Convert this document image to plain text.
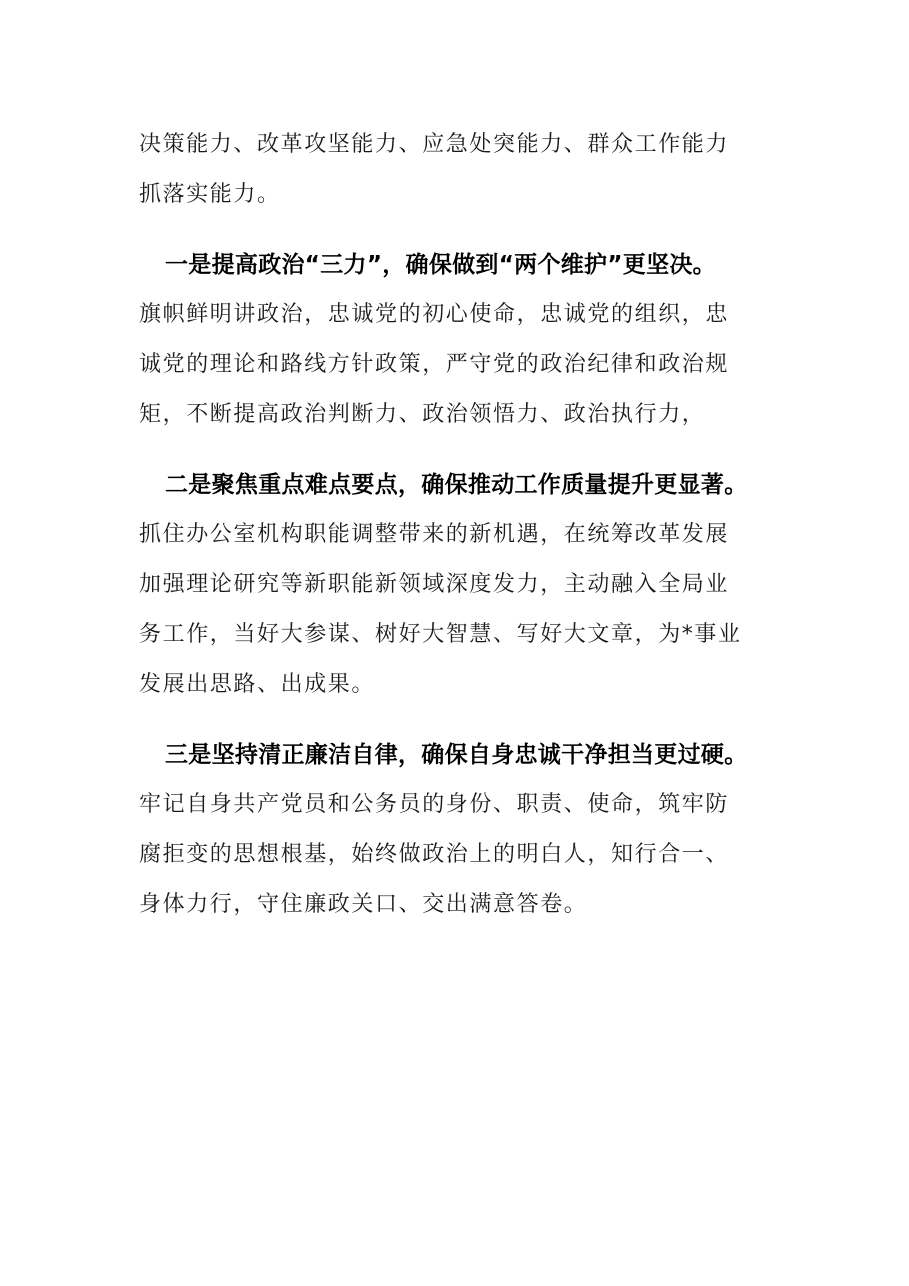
决策能力、改革攻坚能力、应急处突能力、群众工作能力
抓落实能力。
一是提高政治“三力”，确保做到“两个维护”更坚决。
旗帜鲜明讲政治，忠诚党的初心使命，忠诚党的组织，忠
诚党的理论和路线方针政策，严守党的政治纪律和政治规
矩，不断提高政治判断力、政治领悟力、政治执行力，
二是聚焦重点难点要点，确保推动工作质量提升更显著。
抓住办公室机构职能调整带来的新机遇，在统筹改革发展
加强理论研究等新职能新领域深度发力，主动融入全局业
务工作，当好大参谋、树好大智慧、写好大文章，为*事业
发展出思路、出成果。
三是坚持清正廉洁自律，确保自身忠诚干净担当更过硬。
牢记自身共产党员和公务员的身份、职责、使命，筑牢防
腐拒变的思想根基，始终做政治上的明白人，知行合一、
身体力行，守住廉政关口、交出满意答卷。
